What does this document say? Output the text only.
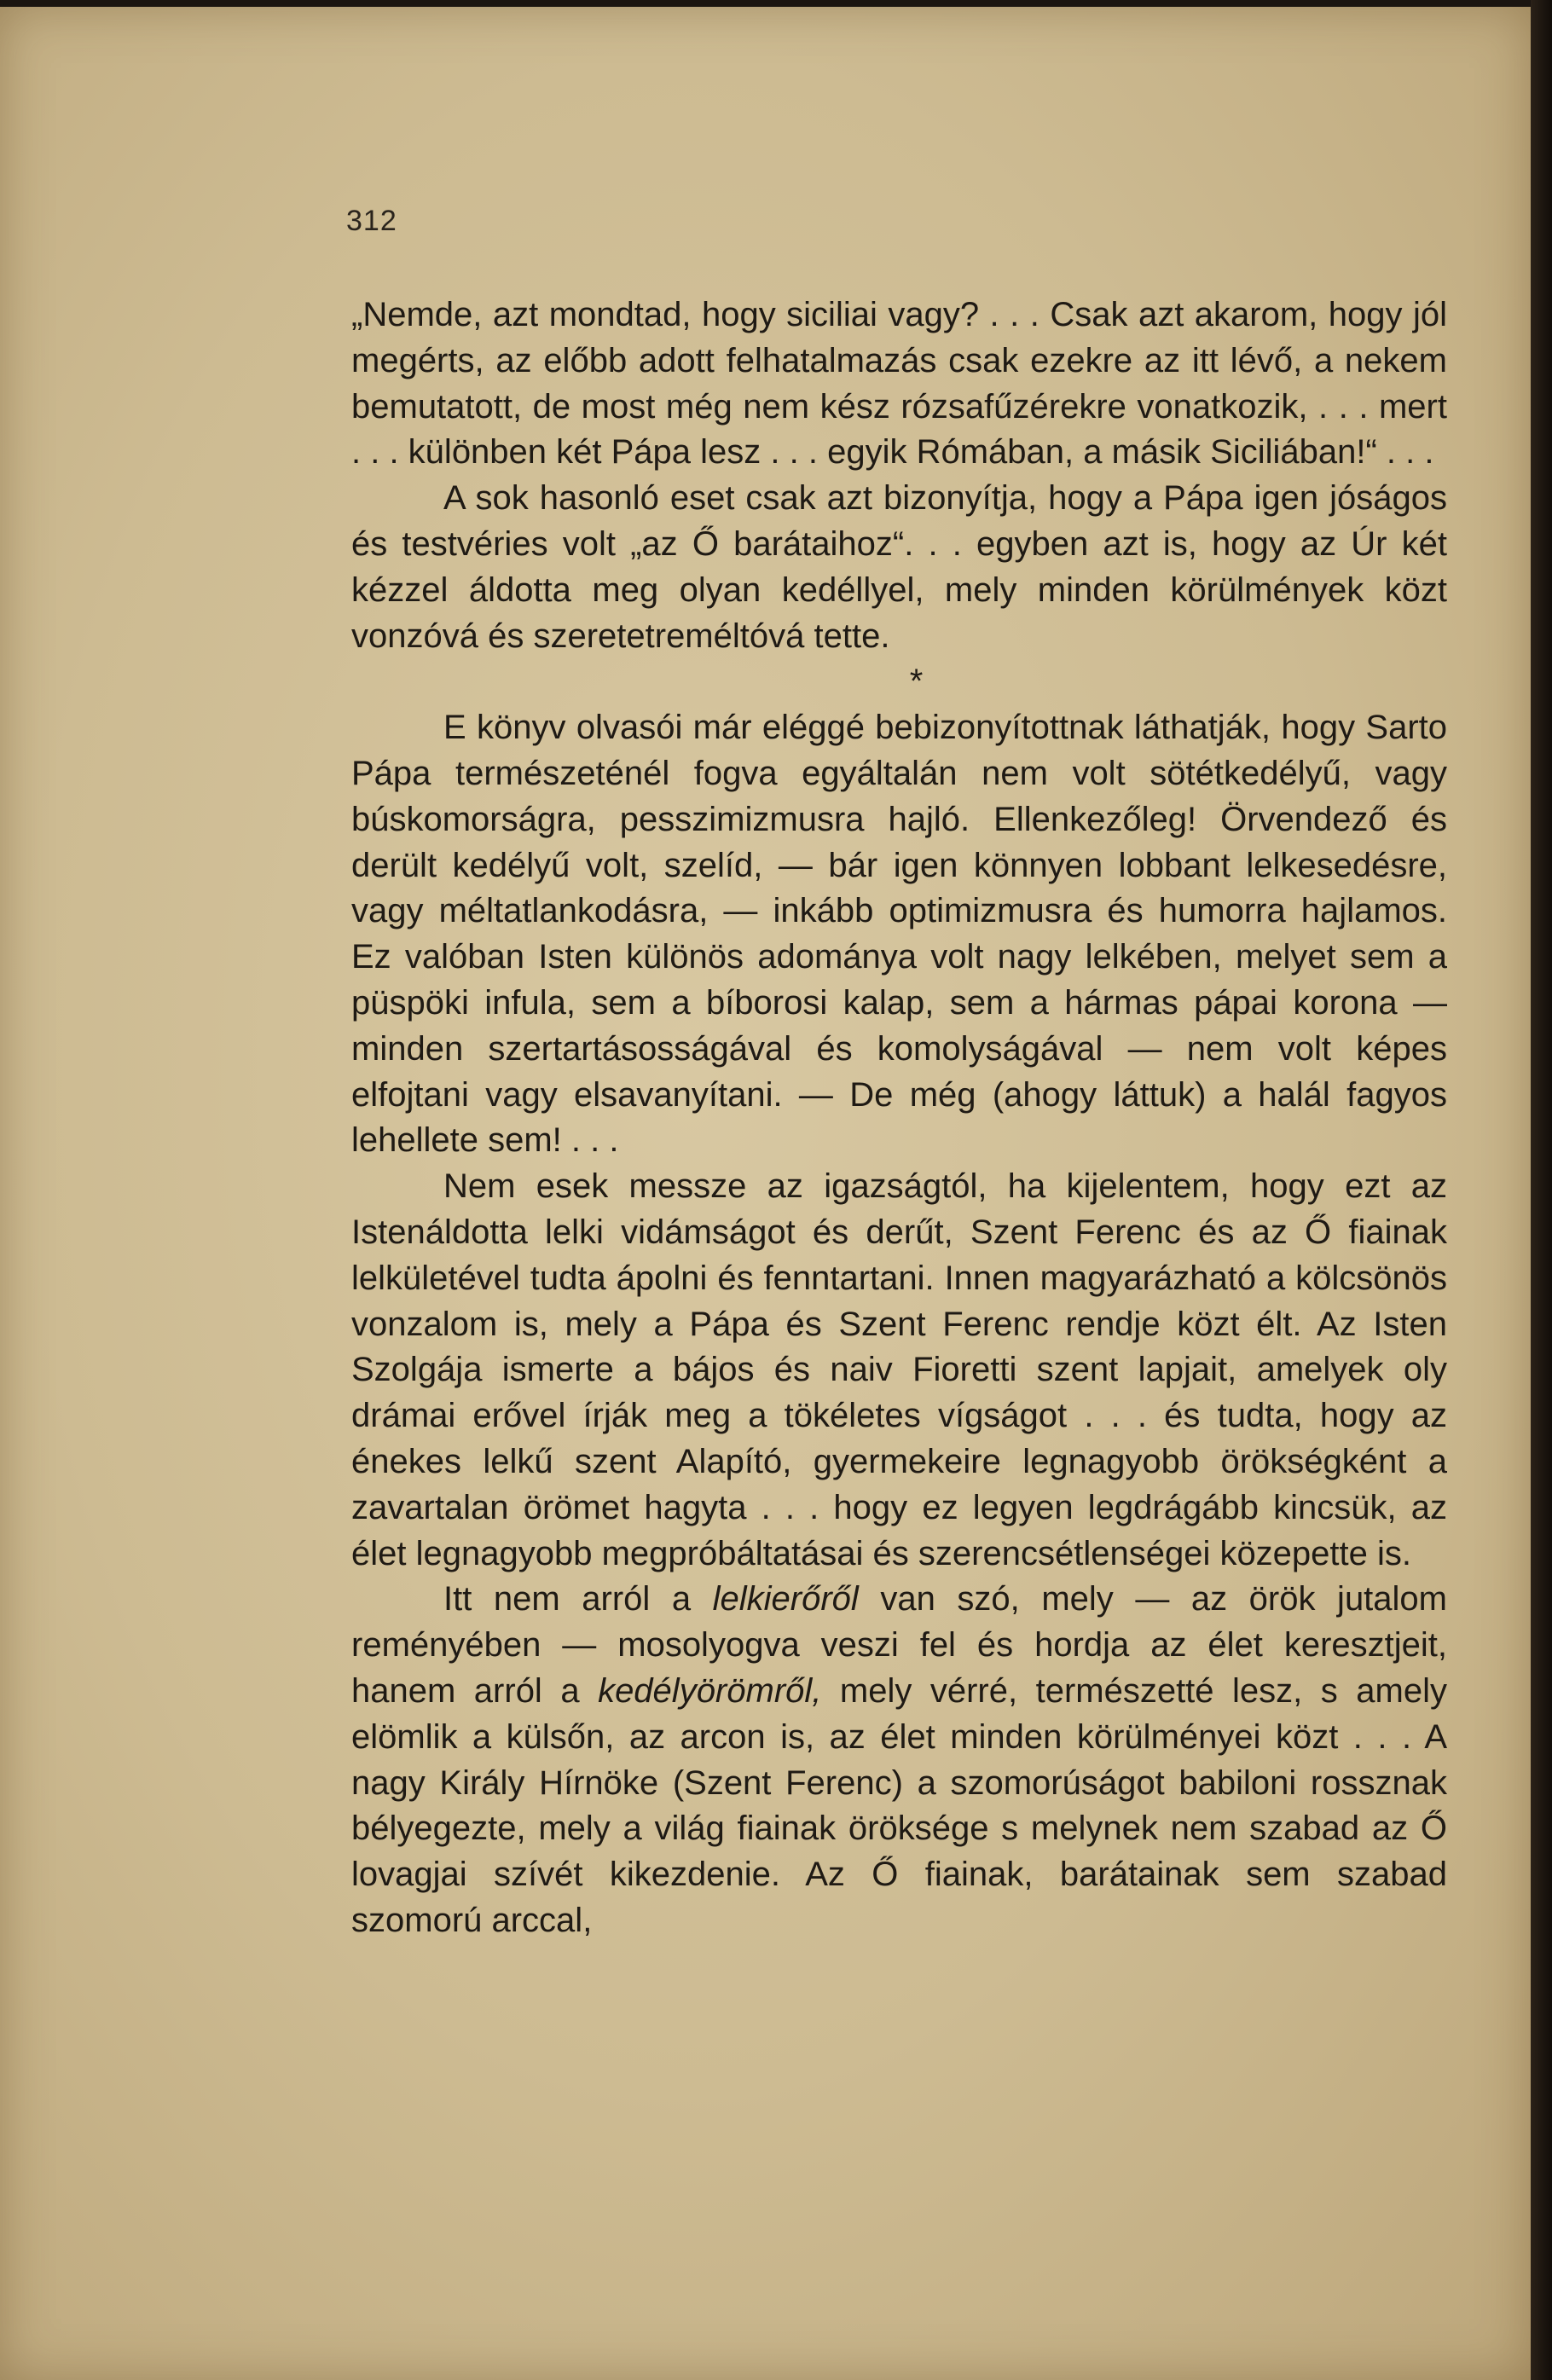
312

„Nemde, azt mondtad, hogy siciliai vagy? . . . Csak azt akarom, hogy jól megérts, az előbb adott felhatalmazás csak ezekre az itt lévő, a nekem bemutatott, de most még nem kész rózsafűzérekre vonatkozik, . . . mert . . . különben két Pápa lesz . . . egyik Rómában, a másik Siciliában!“ . . .

A sok hasonló eset csak azt bizonyítja, hogy a Pápa igen jóságos és testvéries volt „az Ő barátaihoz“. . . egyben azt is, hogy az Úr két kézzel áldotta meg olyan kedéllyel, mely minden körülmények közt vonzóvá és szeretetreméltóvá tette.

*

E könyv olvasói már eléggé bebizonyítottnak láthatják, hogy Sarto Pápa természeténél fogva egyáltalán nem volt sötétkedélyű, vagy búskomorságra, pesszimizmusra hajló. Ellenkezőleg! Örvendező és derült kedélyű volt, szelíd, — bár igen könnyen lobbant lelkesedésre, vagy méltatlankodásra, — inkább optimizmusra és humorra hajlamos. Ez valóban Isten különös adománya volt nagy lelkében, melyet sem a püspöki infula, sem a bíborosi kalap, sem a hármas pápai korona — minden szertartásosságával és komolyságával — nem volt képes elfojtani vagy elsavanyítani. — De még (ahogy láttuk) a halál fagyos lehellete sem! . . .

Nem esek messze az igazságtól, ha kijelentem, hogy ezt az Istenáldotta lelki vidámságot és derűt, Szent Ferenc és az Ő fiainak lelkületével tudta ápolni és fenntartani. Innen magyarázható a kölcsönös vonzalom is, mely a Pápa és Szent Ferenc rendje közt élt. Az Isten Szolgája ismerte a bájos és naiv Fioretti szent lapjait, amelyek oly drámai erővel írják meg a tökéletes vígságot . . . és tudta, hogy az énekes lelkű szent Alapító, gyermekeire legnagyobb örökségként a zavartalan örömet hagyta . . . hogy ez legyen legdrágább kincsük, az élet legnagyobb megpróbáltatásai és szerencsétlenségei közepette is.

Itt nem arról a lelkierőről van szó, mely — az örök jutalom reményében — mosolyogva veszi fel és hordja az élet keresztjeit, hanem arról a kedélyörömről, mely vérré, természetté lesz, s amely elömlik a külsőn, az arcon is, az élet minden körülményei közt . . . A nagy Király Hírnöke (Szent Ferenc) a szomorúságot babiloni rossznak bélyegezte, mely a világ fiainak öröksége s melynek nem szabad az Ő lovagjai szívét kikezdenie. Az Ő fiainak, barátainak sem szabad szomorú arccal,
